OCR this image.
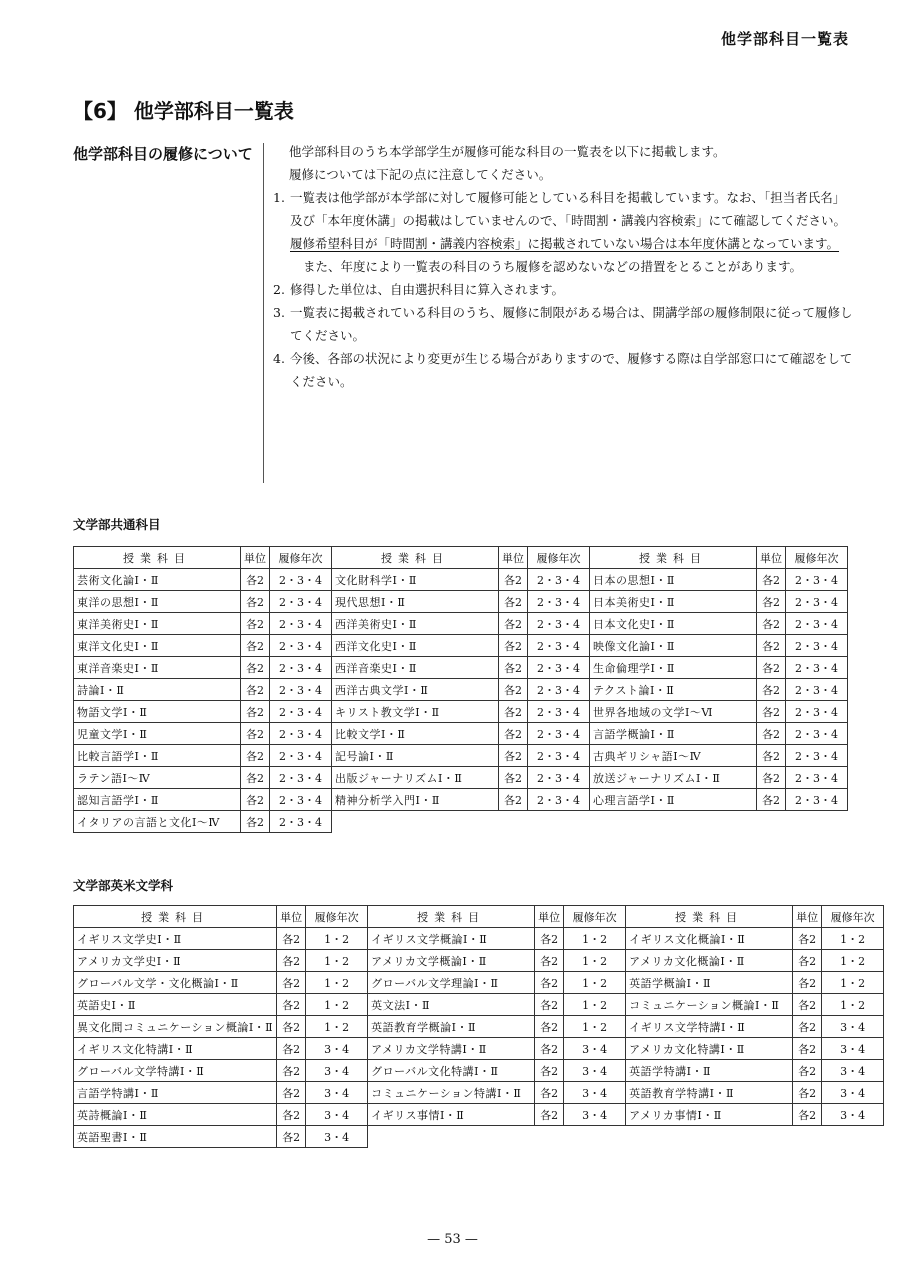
他学部科目一覧表
【6】 他学部科目一覧表
他学部科目の履修について	他学部科目のうち本学部学生が履修可能な科目の一覧表を以下に掲載します。

履修については下記の点に注意してください。

1. 一覧表は他学部が本学部に対して履修可能としている科目を掲載しています。なお、「担当者氏名」及び「本年度休講」の掲載はしていませんので、「時間割・講義内容検索」にて確認してください。履修希望科目が「時間割・講義内容検索」に掲載されていない場合は本年度休講となっています。

また、年度により一覧表の科目のうち履修を認めないなどの措置をとることがあります。

2. 修得した単位は、自由選択科目に算入されます。
3. 一覧表に掲載されている科目のうち、履修に制限がある場合は、開講学部の履修制限に従って履修してください。
4. 今後、各部の状況により変更が生じる場合がありますので、履修する際は自学部窓口にて確認をしてください。
文学部共通科目
授業科目	単位	履修年次	授業科目	単位	履修年次	授業科目	単位	履修年次
芸術文化論Ⅰ・Ⅱ	各2	2・3・4	文化財科学Ⅰ・Ⅱ	各2	2・3・4	日本の思想Ⅰ・Ⅱ	各2	2・3・4
東洋の思想Ⅰ・Ⅱ	各2	2・3・4	現代思想Ⅰ・Ⅱ	各2	2・3・4	日本美術史Ⅰ・Ⅱ	各2	2・3・4
東洋美術史Ⅰ・Ⅱ	各2	2・3・4	西洋美術史Ⅰ・Ⅱ	各2	2・3・4	日本文化史Ⅰ・Ⅱ	各2	2・3・4
東洋文化史Ⅰ・Ⅱ	各2	2・3・4	西洋文化史Ⅰ・Ⅱ	各2	2・3・4	映像文化論Ⅰ・Ⅱ	各2	2・3・4
東洋音楽史Ⅰ・Ⅱ	各2	2・3・4	西洋音楽史Ⅰ・Ⅱ	各2	2・3・4	生命倫理学Ⅰ・Ⅱ	各2	2・3・4
詩論Ⅰ・Ⅱ	各2	2・3・4	西洋古典文学Ⅰ・Ⅱ	各2	2・3・4	テクスト論Ⅰ・Ⅱ	各2	2・3・4
物語文学Ⅰ・Ⅱ	各2	2・3・4	キリスト教文学Ⅰ・Ⅱ	各2	2・3・4	世界各地域の文学Ⅰ〜Ⅵ	各2	2・3・4
児童文学Ⅰ・Ⅱ	各2	2・3・4	比較文学Ⅰ・Ⅱ	各2	2・3・4	言語学概論Ⅰ・Ⅱ	各2	2・3・4
比較言語学Ⅰ・Ⅱ	各2	2・3・4	記号論Ⅰ・Ⅱ	各2	2・3・4	古典ギリシャ語Ⅰ〜Ⅳ	各2	2・3・4
ラテン語Ⅰ〜Ⅳ	各2	2・3・4	出版ジャーナリズムⅠ・Ⅱ	各2	2・3・4	放送ジャーナリズムⅠ・Ⅱ	各2	2・3・4
認知言語学Ⅰ・Ⅱ	各2	2・3・4	精神分析学入門Ⅰ・Ⅱ	各2	2・3・4	心理言語学Ⅰ・Ⅱ	各2	2・3・4
イタリアの言語と文化Ⅰ〜Ⅳ	各2	2・3・4						
文学部英米文学科
授業科目	単位	履修年次	授業科目	単位	履修年次	授業科目	単位	履修年次
イギリス文学史Ⅰ・Ⅱ	各2	1・2	イギリス文学概論Ⅰ・Ⅱ	各2	1・2	イギリス文化概論Ⅰ・Ⅱ	各2	1・2
アメリカ文学史Ⅰ・Ⅱ	各2	1・2	アメリカ文学概論Ⅰ・Ⅱ	各2	1・2	アメリカ文化概論Ⅰ・Ⅱ	各2	1・2
グローバル文学・文化概論Ⅰ・Ⅱ	各2	1・2	グローバル文学理論Ⅰ・Ⅱ	各2	1・2	英語学概論Ⅰ・Ⅱ	各2	1・2
英語史Ⅰ・Ⅱ	各2	1・2	英文法Ⅰ・Ⅱ	各2	1・2	コミュニケーション概論Ⅰ・Ⅱ	各2	1・2
異文化間コミュニケーション概論Ⅰ・Ⅱ	各2	1・2	英語教育学概論Ⅰ・Ⅱ	各2	1・2	イギリス文学特講Ⅰ・Ⅱ	各2	3・4
イギリス文化特講Ⅰ・Ⅱ	各2	3・4	アメリカ文学特講Ⅰ・Ⅱ	各2	3・4	アメリカ文化特講Ⅰ・Ⅱ	各2	3・4
グローバル文学特講Ⅰ・Ⅱ	各2	3・4	グローバル文化特講Ⅰ・Ⅱ	各2	3・4	英語学特講Ⅰ・Ⅱ	各2	3・4
言語学特講Ⅰ・Ⅱ	各2	3・4	コミュニケーション特講Ⅰ・Ⅱ	各2	3・4	英語教育学特講Ⅰ・Ⅱ	各2	3・4
英詩概論Ⅰ・Ⅱ	各2	3・4	イギリス事情Ⅰ・Ⅱ	各2	3・4	アメリカ事情Ⅰ・Ⅱ	各2	3・4
英語聖書Ⅰ・Ⅱ	各2	3・4						
— 53 —
